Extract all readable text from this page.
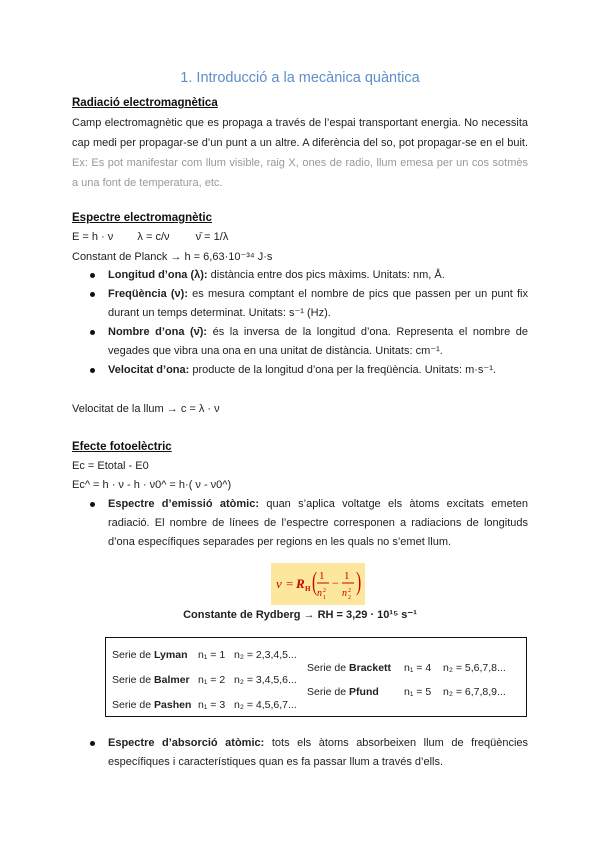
1. Introducció a la mecànica quàntica
Radiació electromagnètica
Camp electromagnètic que es propaga a través de l’espai transportant energia. No necessita cap medi per propagar-se d’un punt a un altre. A diferència del so, pot propagar-se en el buit. Ex: Es pot manifestar com llum visible, raig X, ones de radio, llum emesa per un cos sotmès a una font de temperatura, etc.
Espectre electromagnètic
E = h · ν λ = c/ν ν̄ = 1/λ
Constant de Planck → h = 6,63·10⁻³⁴ J·s
Longitud d’ona (λ): distància entre dos pics màxims. Unitats: nm, Å.
Freqüència (ν): es mesura comptant el nombre de pics que passen per un punt fix durant un temps determinat. Unitats: s⁻¹ (Hz).
Nombre d’ona (ν̄): és la inversa de la longitud d’ona. Representa el nombre de vegades que vibra una ona en una unitat de distància. Unitats: cm⁻¹.
Velocitat d’ona: producte de la longitud d’ona per la freqüència. Unitats: m·s⁻¹.
Velocitat de la llum → c = λ · ν
Efecte fotoelèctric
Ec = Etotal - E0
Ec^ = h · ν - h · ν0^ = h·( ν - ν0^)
Espectre d’emissió atòmic: quan s’aplica voltatge els àtoms excitats emeten radiació. El nombre de línees de l’espectre corresponen a radiacions de longituds d’ona específiques separades per regions en les quals no s’emet llum.
ν = R H ( 1
n 1
2
− 1
n 2
2 )
Constante de Rydberg → RH = 3,29 · 10¹⁵ s⁻¹
Serie de Lyman n₁ = 1 n₂ = 2,3,4,5...
Serie de Balmer n₁ = 2 n₂ = 3,4,5,6...
Serie de Pashen n₁ = 3 n₂ = 4,5,6,7...
Serie de Brackett n₁ = 4 n₂ = 5,6,7,8...
Serie de Pfund n₁ = 5 n₂ = 6,7,8,9...
Espectre d’absorció atòmic: tots els àtoms absorbeixen llum de freqüències específiques i característiques quan es fa passar llum a través d’ells.
